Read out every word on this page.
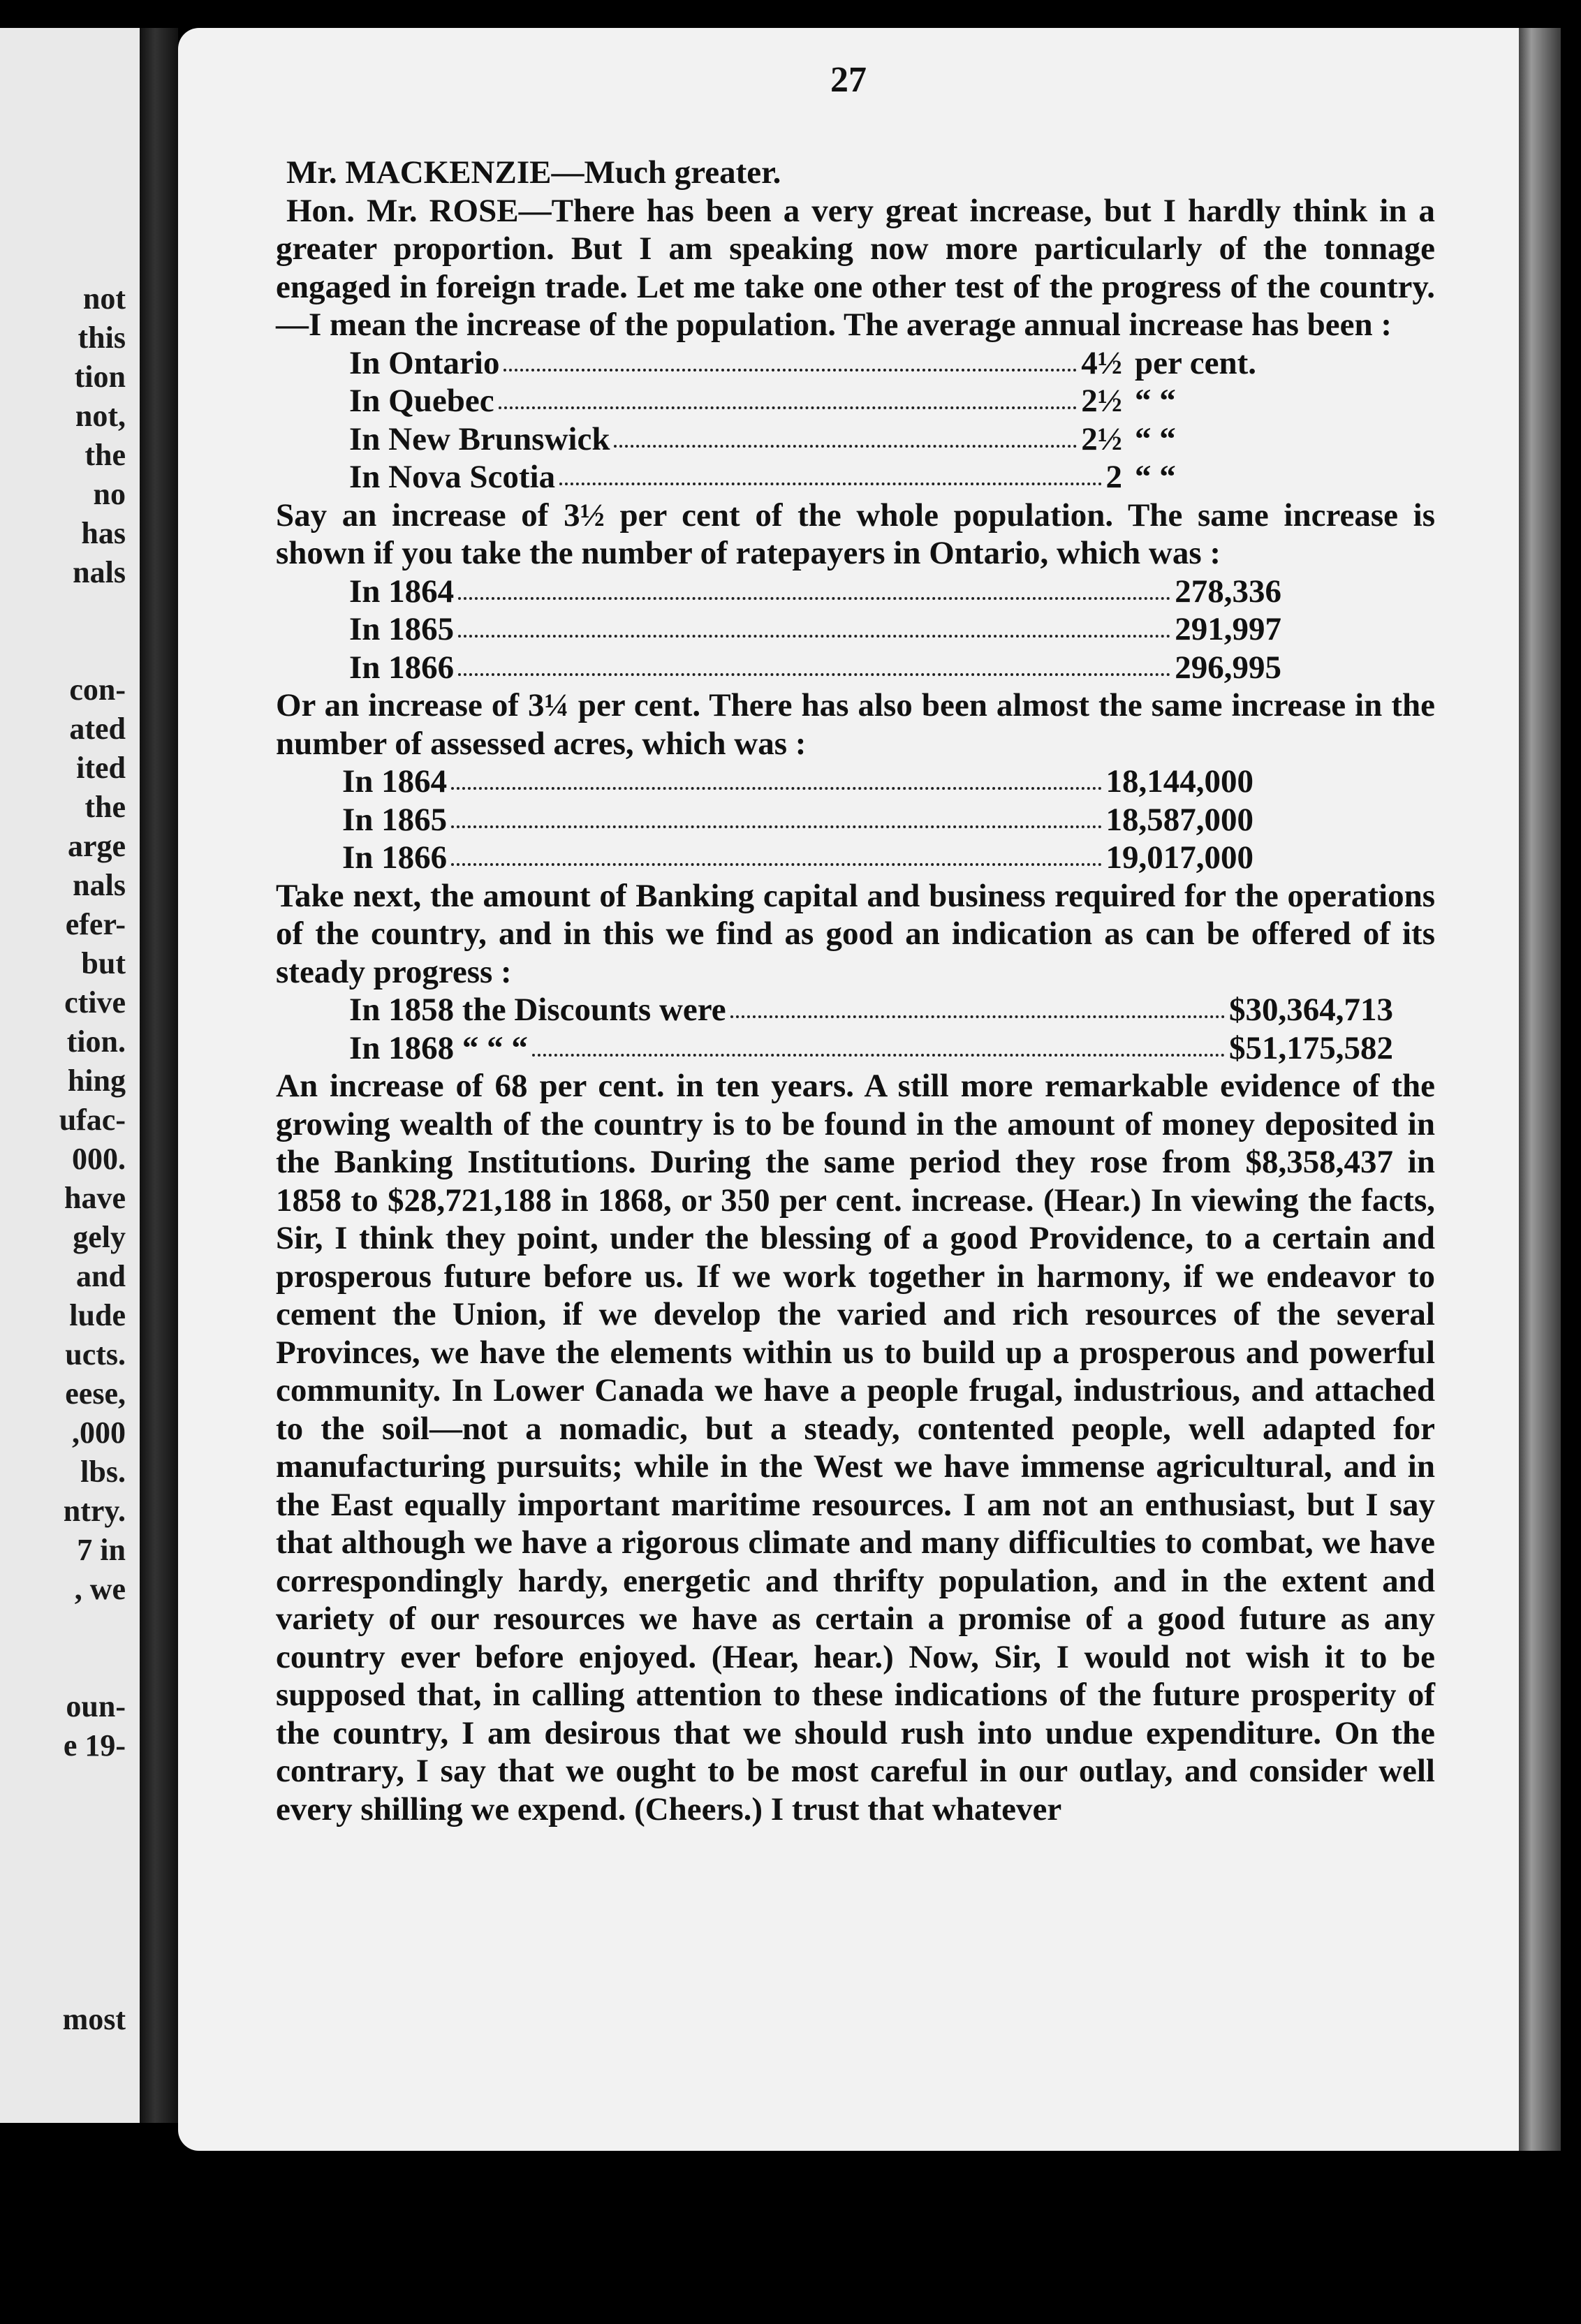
not
this
tion
not,
the
no
has
nals

con-
ated
ited
the
arge
nals
efer-
but
ctive
tion.
hing
ufac-
000.
have
gely
and
lude
ucts.
eese,
,000
lbs.
ntry.
7 in
, we

oun-
e 19-

most
27

Mr. MACKENZIE—Much greater.

Hon. Mr. ROSE—There has been a very great increase, but I hardly think in a greater proportion. But I am speaking now more particularly of the tonnage engaged in foreign trade. Let me take one other test of the progress of the country.—I mean the increase of the population. The average annual increase has been :

In Ontario	4½ per cent.
In Quebec	2½ “ “
In New Brunswick	2½ “ “
In Nova Scotia	2 “ “

Say an increase of 3½ per cent of the whole population. The same increase is shown if you take the number of ratepayers in Ontario, which was :

In 1864	278,336
In 1865	291,997
In 1866	296,995

Or an increase of 3¼ per cent. There has also been almost the same increase in the number of assessed acres, which was :

In 1864	18,144,000
In 1865	18,587,000
In 1866	19,017,000

Take next, the amount of Banking capital and business required for the operations of the country, and in this we find as good an indication as can be offered of its steady progress :

In 1858 the Discounts were	$30,364,713
In 1868 “ “ “	$51,175,582

An increase of 68 per cent. in ten years. A still more remarkable evidence of the growing wealth of the country is to be found in the amount of money deposited in the Banking Institutions. During the same period they rose from $8,358,437 in 1858 to $28,721,188 in 1868, or 350 per cent. increase. (Hear.) In viewing the facts, Sir, I think they point, under the blessing of a good Providence, to a certain and prosperous future before us. If we work together in harmony, if we endeavor to cement the Union, if we develop the varied and rich resources of the several Provinces, we have the elements within us to build up a prosperous and powerful community. In Lower Canada we have a people frugal, industrious, and attached to the soil—not a nomadic, but a steady, contented people, well adapted for manufacturing pursuits; while in the West we have immense agricultural, and in the East equally important maritime resources. I am not an enthusiast, but I say that although we have a rigorous climate and many difficulties to combat, we have correspondingly hardy, energetic and thrifty population, and in the extent and variety of our resources we have as certain a promise of a good future as any country ever before enjoyed. (Hear, hear.) Now, Sir, I would not wish it to be supposed that, in calling attention to these indications of the future prosperity of the country, I am desirous that we should rush into undue expenditure. On the contrary, I say that we ought to be most careful in our outlay, and consider well every shilling we expend. (Cheers.) I trust that whatever
